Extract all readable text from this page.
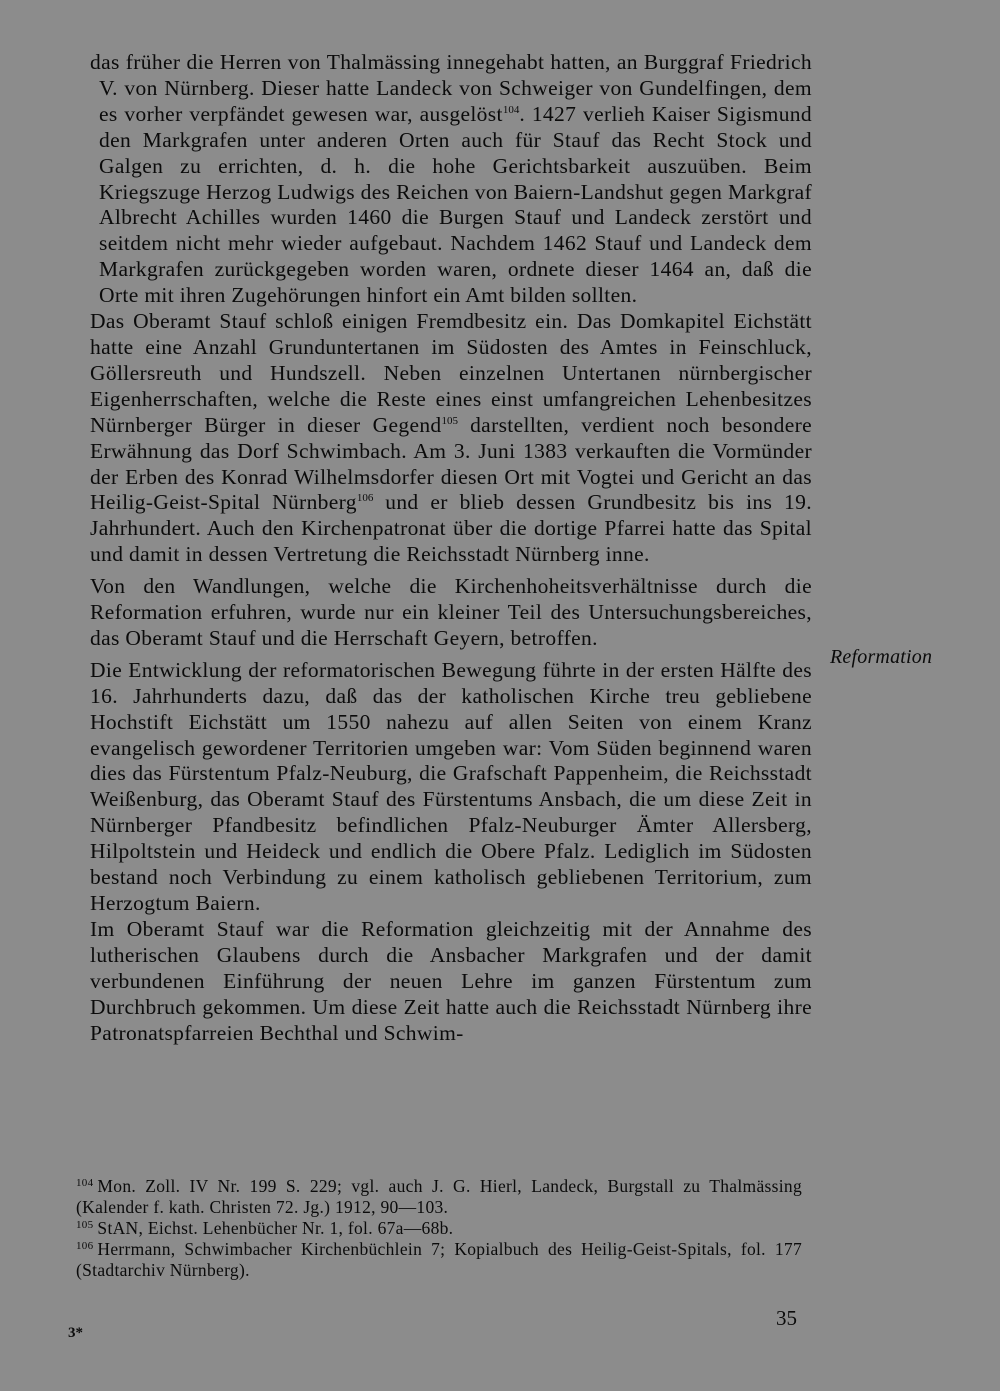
das früher die Herren von Thalmässing innegehabt hatten, an Burggraf Friedrich V. von Nürnberg. Dieser hatte Landeck von Schweiger von Gundelfingen, dem es vorher verpfändet gewesen war, ausgelöst$^{104}$. 1427 verlieh Kaiser Sigismund den Markgrafen unter anderen Orten auch für Stauf das Recht Stock und Galgen zu errichten, d. h. die hohe Gerichtsbarkeit auszuüben. Beim Kriegszuge Herzog Ludwigs des Reichen von Baiern-Landshut gegen Markgraf Albrecht Achilles wurden 1460 die Burgen Stauf und Landeck zerstört und seitdem nicht mehr wieder aufgebaut. Nachdem 1462 Stauf und Landeck dem Markgrafen zurückgegeben worden waren, ordnete dieser 1464 an, daß die Orte mit ihren Zugehörungen hinfort ein Amt bilden sollten.

Das Oberamt Stauf schloß einigen Fremdbesitz ein. Das Domkapitel Eichstätt hatte eine Anzahl Grunduntertanen im Südosten des Amtes in Feinschluck, Göllersreuth und Hundszell. Neben einzelnen Untertanen nürnbergischer Eigenherrschaften, welche die Reste eines einst umfangreichen Lehenbesitzes Nürnberger Bürger in dieser Gegend$^{105}$ darstellten, verdient noch besondere Erwähnung das Dorf Schwimbach. Am 3. Juni 1383 verkauften die Vormünder der Erben des Konrad Wilhelmsdorfer diesen Ort mit Vogtei und Gericht an das Heilig-Geist-Spital Nürnberg$^{106}$ und er blieb dessen Grundbesitz bis ins 19. Jahrhundert. Auch den Kirchenpatronat über die dortige Pfarrei hatte das Spital und damit in dessen Vertretung die Reichsstadt Nürnberg inne.

Von den Wandlungen, welche die Kirchenhoheitsverhältnisse durch die Reformation erfuhren, wurde nur ein kleiner Teil des Untersuchungsbereiches, das Oberamt Stauf und die Herrschaft Geyern, betroffen.

Die Entwicklung der reformatorischen Bewegung führte in der ersten Hälfte des 16. Jahrhunderts dazu, daß das der katholischen Kirche treu gebliebene Hochstift Eichstätt um 1550 nahezu auf allen Seiten von einem Kranz evangelisch gewordener Territorien umgeben war: Vom Süden beginnend waren dies das Fürstentum Pfalz-Neuburg, die Grafschaft Pappenheim, die Reichsstadt Weißenburg, das Oberamt Stauf des Fürstentums Ansbach, die um diese Zeit in Nürnberger Pfandbesitz befindlichen Pfalz-Neuburger Ämter Allersberg, Hilpoltstein und Heideck und endlich die Obere Pfalz. Lediglich im Südosten bestand noch Verbindung zu einem katholisch gebliebenen Territorium, zum Herzogtum Baiern.

Im Oberamt Stauf war die Reformation gleichzeitig mit der Annahme des lutherischen Glaubens durch die Ansbacher Markgrafen und der damit verbundenen Einführung der neuen Lehre im ganzen Fürstentum zum Durchbruch gekommen. Um diese Zeit hatte auch die Reichsstadt Nürnberg ihre Patronatspfarreien Bechthal und Schwim-

Reformation

$^{104}$ Mon. Zoll. IV Nr. 199 S. 229; vgl. auch J. G. Hierl, Landeck, Burgstall zu Thalmässing (Kalender f. kath. Christen 72. Jg.) 1912, 90—103.

$^{105}$ StAN, Eichst. Lehenbücher Nr. 1, fol. 67a—68b.

$^{106}$ Herrmann, Schwimbacher Kirchenbüchlein 7; Kopialbuch des Heilig-Geist-Spitals, fol. 177 (Stadtarchiv Nürnberg).

35
3*
